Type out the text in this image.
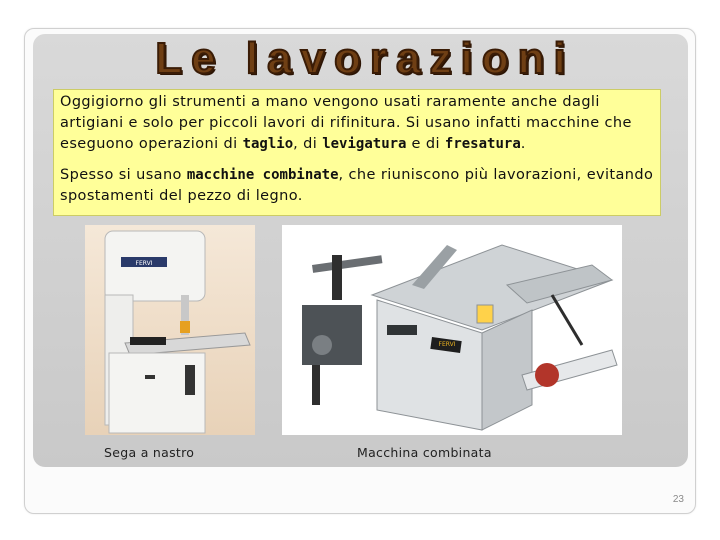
Le lavorazioni

Oggigiorno gli strumenti a mano vengono usati raramente anche dagli artigiani e solo per piccoli lavori di rifinitura. Si usano infatti macchine che eseguono operazioni di taglio, di levigatura e di fresatura.

Spesso si usano macchine combinate, che riuniscono più lavorazioni, evitando spostamenti del pezzo di legno.

FERVI
FERVI
Sega a nastro	Macchina combinata
23
